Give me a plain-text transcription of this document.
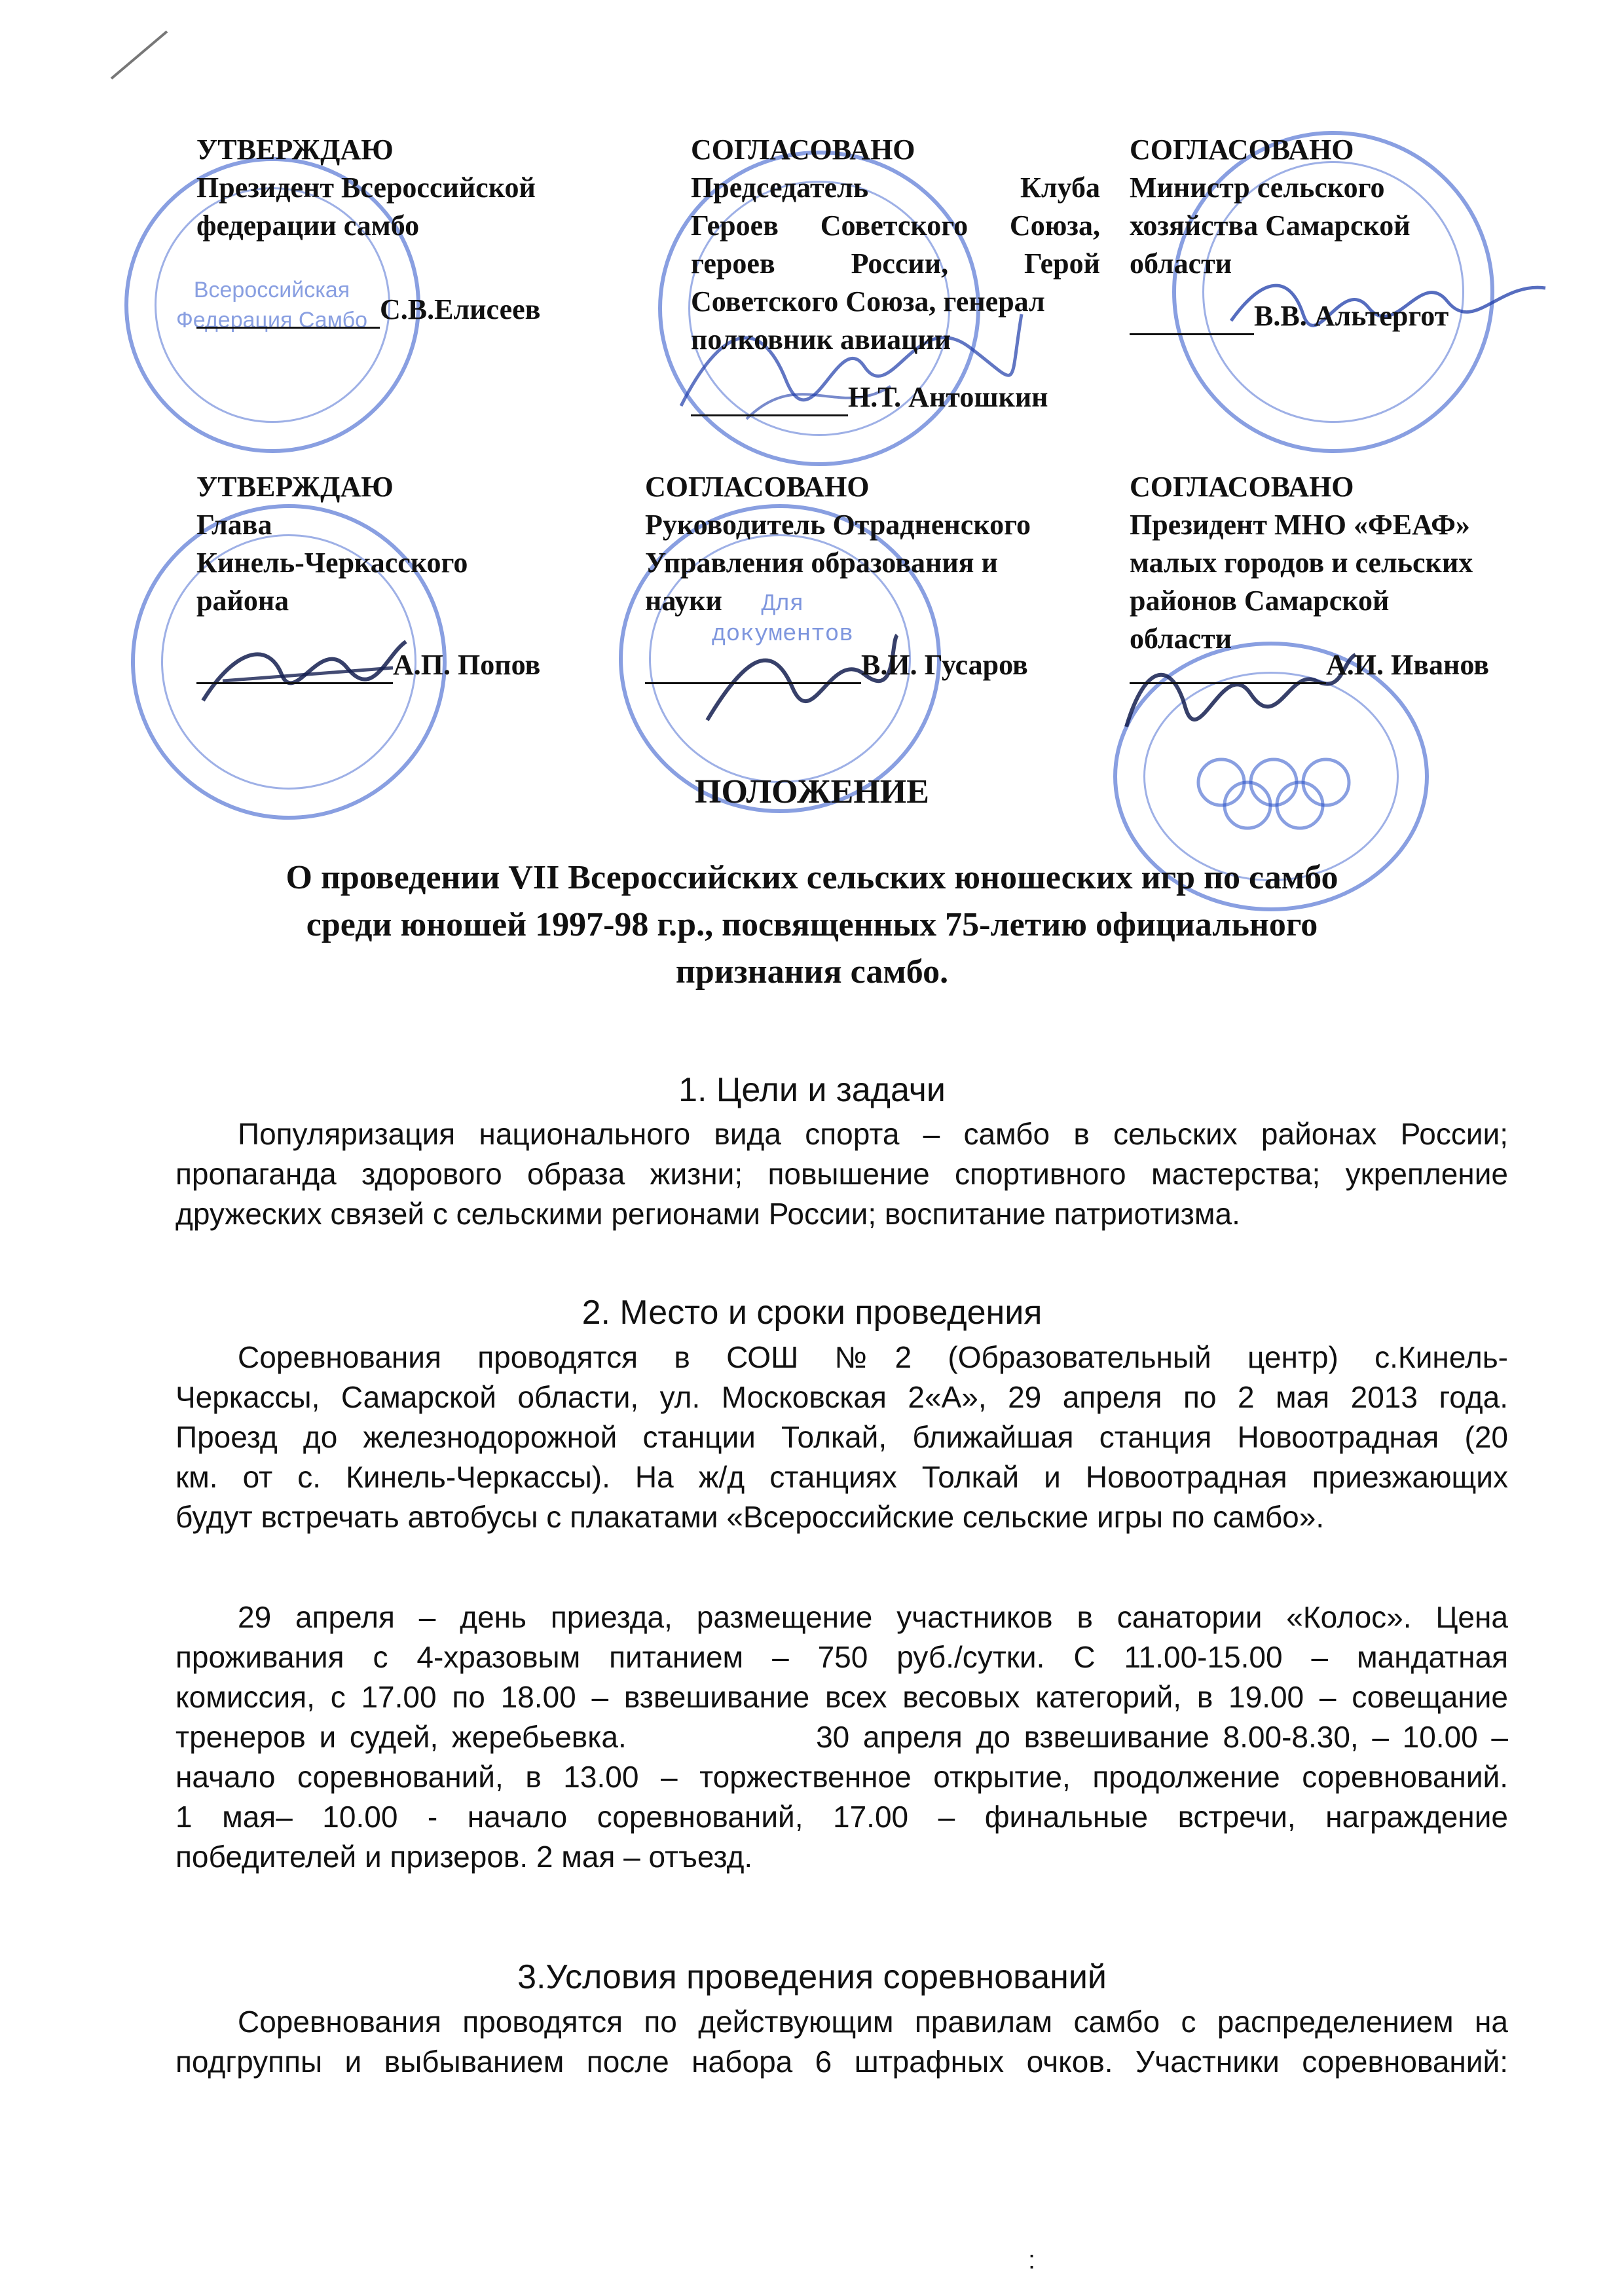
Всероссийская Федерация Самбо
Для документов
УТВЕРЖДАЮ
Президент Всероссийской
федерации самбо
С.В.Елисеев
СОГЛАСОВАНО
Председатель Клуба
Героев Советского Союза,
героев России, Герой
Советского Союза, генерал
полковник авиации
Н.Т. Антошкин
СОГЛАСОВАНО
Министр сельского
хозяйства Самарской
области
В.В. Альтергот
УТВЕРЖДАЮ
Глава
Кинель-Черкасского
района
А.П. Попов
СОГЛАСОВАНО
Руководитель Отрадненского
Управления образования и
науки
В.И. Гусаров
СОГЛАСОВАНО
Президент МНО «ФЕАФ»
малых городов и сельских
районов Самарской
области
А.И. Иванов
ПОЛОЖЕНИЕ
О проведении VII Всероссийских сельских юношеских игр по самбо
среди юношей 1997-98 г.р., посвященных 75-летию официального
признания самбо.
1. Цели и задачи
Популяризация национального вида спорта – самбо в сельских районах России;
пропаганда здорового образа жизни; повышение спортивного мастерства; укрепление
дружеских связей с сельскими регионами России; воспитание патриотизма.
2. Место и сроки проведения
Соревнования проводятся в СОШ №2 (Образовательный центр) с.Кинель-
Черкассы, Самарской области, ул. Московская 2«А», 29 апреля по 2 мая 2013 года.
Проезд до железнодорожной станции Толкай, ближайшая станция Новоотрадная (20
км. от с. Кинель-Черкассы). На ж/д станциях Толкай и Новоотрадная приезжающих
будут встречать автобусы с плакатами «Всероссийские сельские игры по самбо».
29 апреля – день приезда, размещение участников в санатории «Колос». Цена
проживания с 4-хразовым питанием – 750 руб./сутки. С 11.00-15.00 – мандатная
комиссия, с 17.00 по 18.00 – взвешивание всех весовых категорий, в 19.00 – совещание
тренеров и судей, жеребьевка.              30 апреля до взвешивание 8.00-8.30, – 10.00 –
начало соревнований, в 13.00 – торжественное открытие, продолжение соревнований.
1 мая– 10.00 - начало соревнований, 17.00 – финальные встречи, награждение
победителей и призеров. 2 мая – отъезд.
3.Условия проведения соревнований
Соревнования проводятся по действующим правилам самбо с распределением на
подгруппы и выбыванием после набора 6 штрафных очков. Участники соревнований:
:
